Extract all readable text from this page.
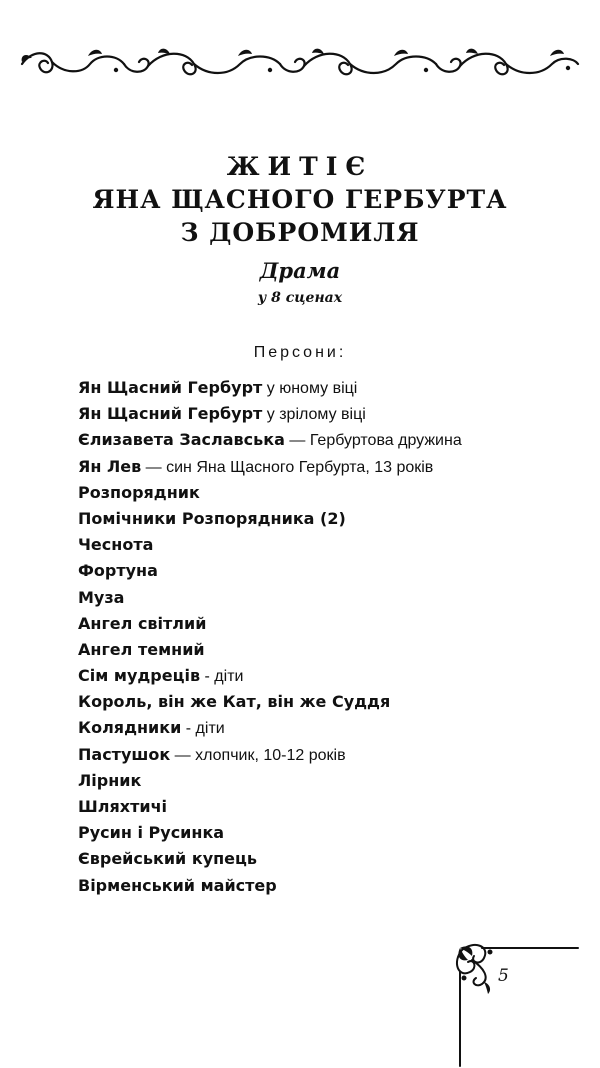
ЖИТІЄ
ЯНА ЩАСНОГО ГЕРБУРТА
З ДОБРОМИЛЯ
Драма
у 8 сценах
Персони:
Ян Щасний Гербурт у юному віці
Ян Щасний Гербурт у зрілому віці
Єлизавета Заславська — Гербуртова дружина
Ян Лев — син Яна Щасного Гербурта, 13 років
Розпорядник
Помічники Розпорядника (2)
Чеснота
Фортуна
Муза
Ангел світлий
Ангел темний
Сім мудреців - діти
Король, він же Кат, він же Суддя
Колядники - діти
Пастушок — хлопчик, 10-12 років
Лірник
Шляхтичі
Русин і Русинка
Єврейський купець
Вірменський майстер
5
